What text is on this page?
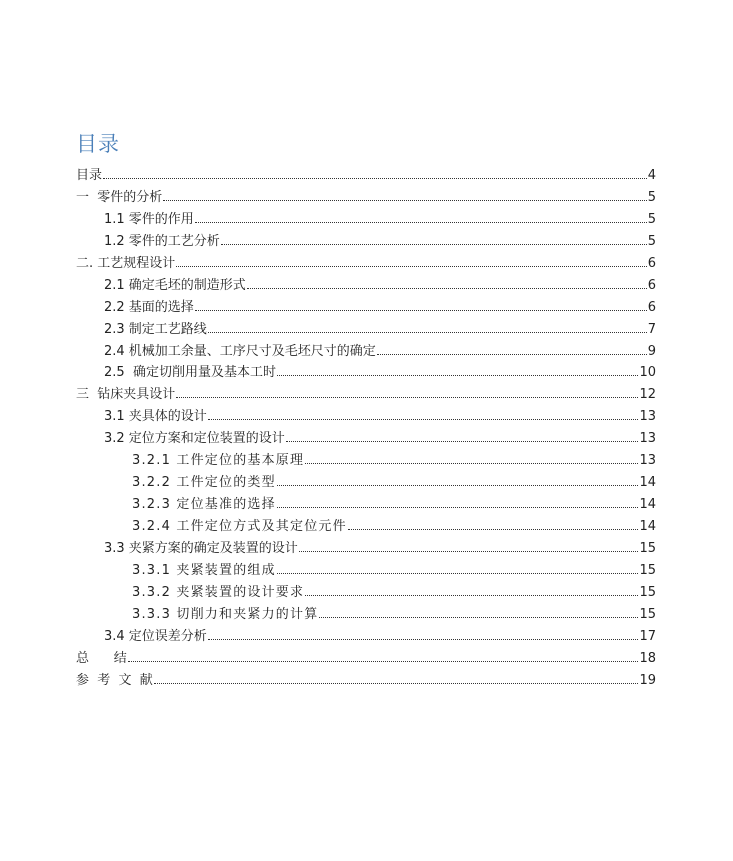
目录
目录	4
一  零件的分析	5
1.1 零件的作用	5
1.2 零件的工艺分析	5
二. 工艺规程设计	6
2.1 确定毛坯的制造形式	6
2.2 基面的选择	6
2.3 制定工艺路线	7
2.4 机械加工余量、工序尺寸及毛坯尺寸的确定	9
2.5  确定切削用量及基本工时	10
三  钻床夹具设计	12
3.1 夹具体的设计	13
3.2 定位方案和定位装置的设计	13
3.2.1 工件定位的基本原理	13
3.2.2 工件定位的类型	14
3.2.3 定位基准的选择	14
3.2.4 工件定位方式及其定位元件	14
3.3 夹紧方案的确定及装置的设计	15
3.3.1 夹紧装置的组成	15
3.3.2 夹紧装置的设计要求	15
3.3.3 切削力和夹紧力的计算	15
3.4 定位误差分析	17
总      结	18
参  考  文  献	19
